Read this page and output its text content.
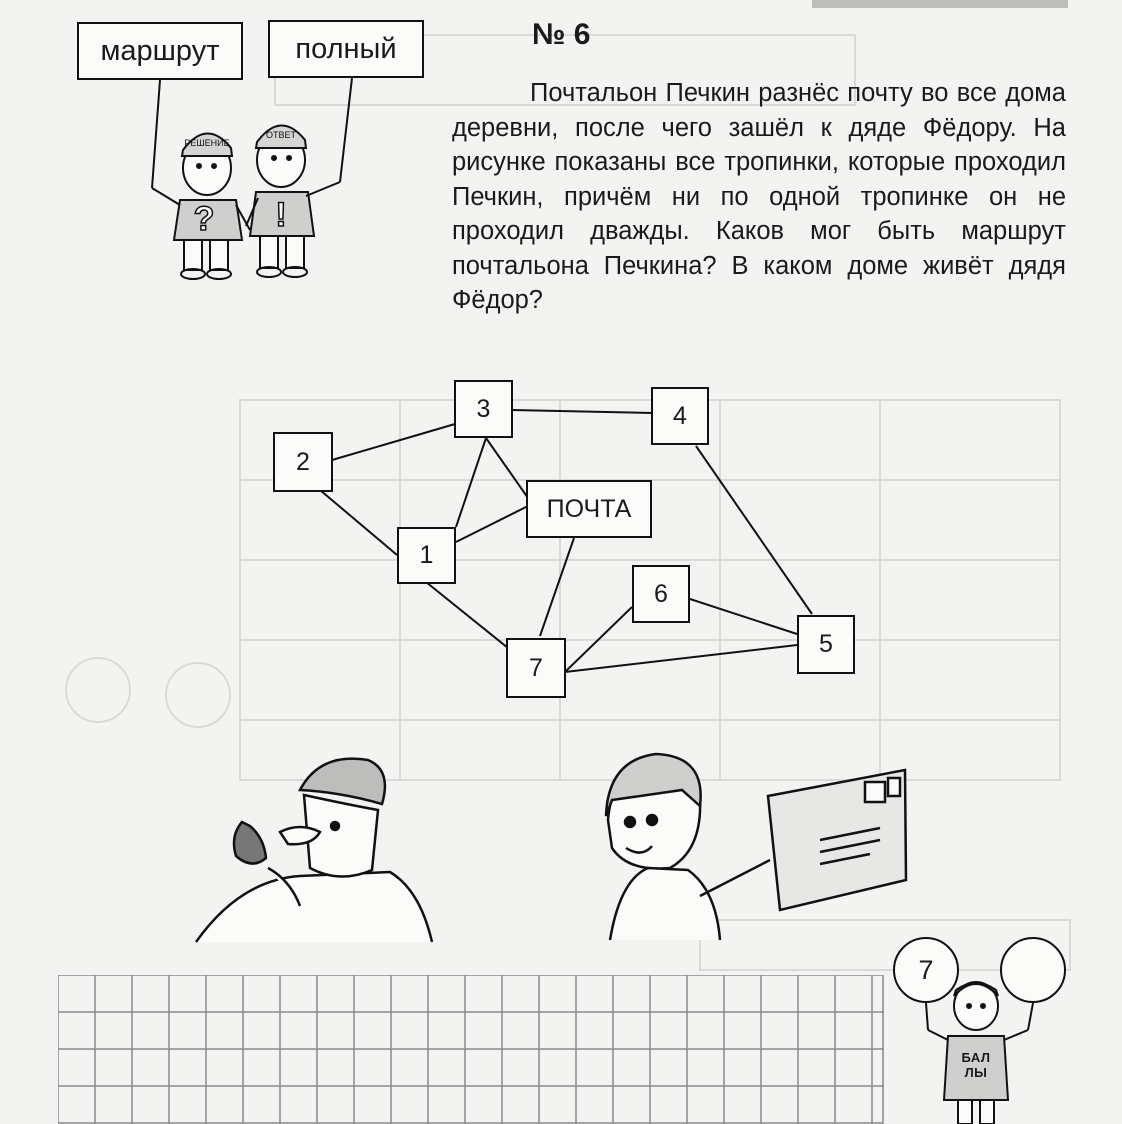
маршрут	полный
? !
РЕШЕНИЕ
ОТВЕТ
№ 6
Почтальон Печкин разнёс почту во все дома деревни, после чего зашёл к дяде Фёдору. На рисунке показаны все тропинки, которые проходил Печкин, причём ни по одной тропинке он не проходил дважды. Каков мог быть маршрут почтальона Печкина? В каком доме живёт дядя Фёдор?
2
3	4
ПОЧТА
1
6
5
7
7
БАЛ
ЛЫ
